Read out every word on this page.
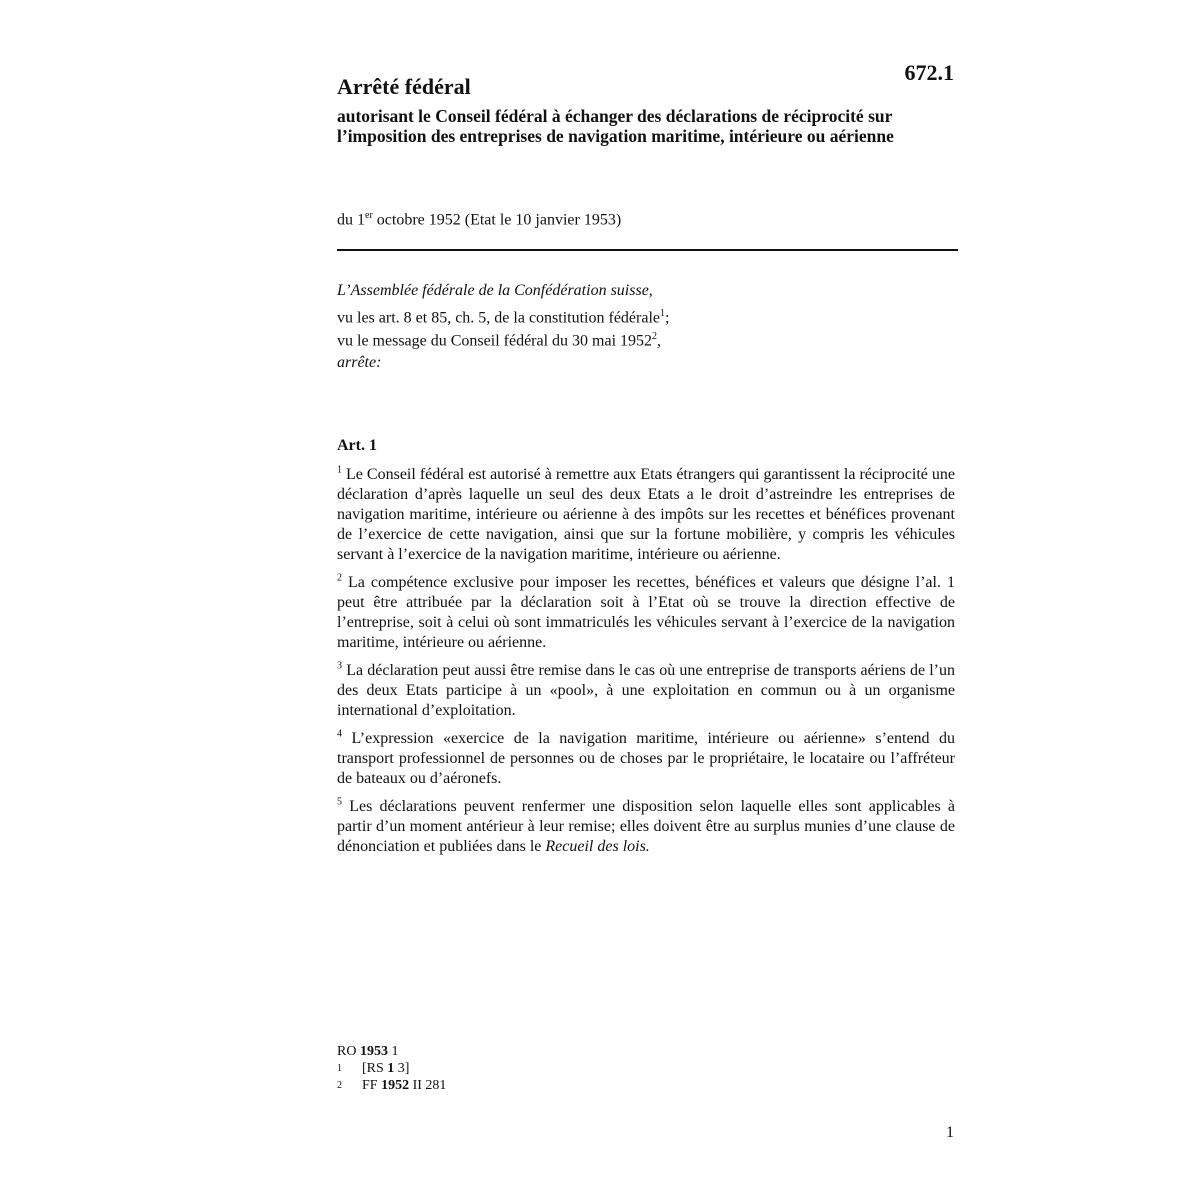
672.1
Arrêté fédéral
autorisant le Conseil fédéral à échanger des déclarations de réciprocité sur l’imposition des entreprises de navigation maritime, intérieure ou aérienne
du 1er octobre 1952 (Etat le 10 janvier 1953)
L’Assemblée fédérale de la Confédération suisse,
vu les art. 8 et 85, ch. 5, de la constitution fédérale$^1$;
vu le message du Conseil fédéral du 30 mai 1952$^2$,
arrête:
Art. 1

$^1$ Le Conseil fédéral est autorisé à remettre aux Etats étrangers qui garantissent la réciprocité une déclaration d’après laquelle un seul des deux Etats a le droit d’astreindre les entreprises de navigation maritime, intérieure ou aérienne à des impôts sur les recettes et bénéfices provenant de l’exercice de cette navigation, ainsi que sur la fortune mobilière, y compris les véhicules servant à l’exercice de la navigation maritime, intérieure ou aérienne.

$^2$ La compétence exclusive pour imposer les recettes, bénéfices et valeurs que désigne l’al. 1 peut être attribuée par la déclaration soit à l’Etat où se trouve la direction effective de l’entreprise, soit à celui où sont immatriculés les véhicules servant à l’exercice de la navigation maritime, intérieure ou aérienne.

$^3$ La déclaration peut aussi être remise dans le cas où une entreprise de transports aériens de l’un des deux Etats participe à un «pool», à une exploitation en commun ou à un organisme international d’exploitation.

$^4$ L’expression «exercice de la navigation maritime, intérieure ou aérienne» s’entend du transport professionnel de personnes ou de choses par le propriétaire, le locataire ou l’affréteur de bateaux ou d’aéronefs.

$^5$ Les déclarations peuvent renfermer une disposition selon laquelle elles sont applicables à partir d’un moment antérieur à leur remise; elles doivent être au surplus munies d’une clause de dénonciation et publiées dans le Recueil des lois.

RO 1953 1
1	[RS 1 3]
2	FF 1952 II 281
1
